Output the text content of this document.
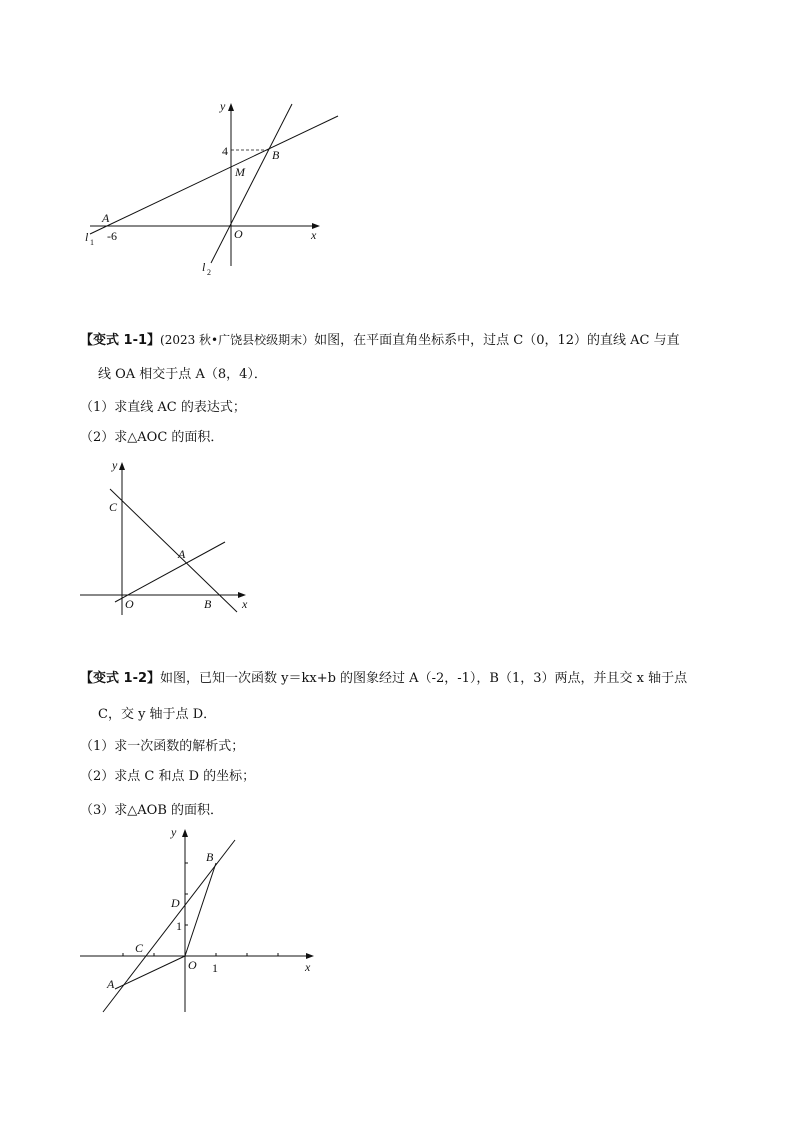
y
4	B
M
A
l 1 -6	O	x
l 2
【变式 1-1】(2023 秋•广饶县校级期末）如图，在平面直角坐标系中，过点 C（0，12）的直线 AC 与直
线 OA 相交于点 A（8，4）．
（1）求直线 AC 的表达式；
（2）求△AOC 的面积．
y
C
A
O	B	x
【变式 1-2】如图，已知一次函数 y＝kx+b 的图象经过 A（-2，-1），B（1，3）两点，并且交 x 轴于点
C，交 y 轴于点 D．
（1）求一次函数的解析式；
（2）求点 C 和点 D 的坐标；
（3）求△AOB 的面积．
y
B
D
1
C
O 1	x
A
